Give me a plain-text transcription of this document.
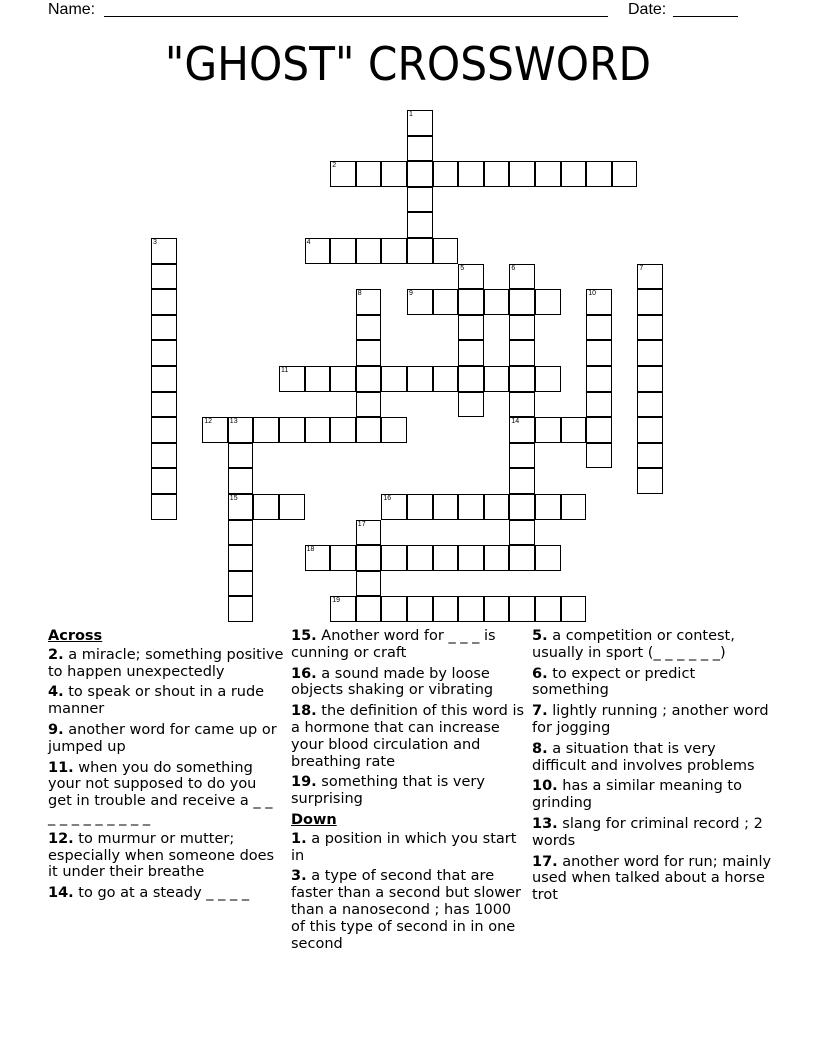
Name:	Date:
"GHOST" CROSSWORD
1
2
3	4
5	6
14
7
8	9	10
11
12	13
15	16
17
18
19
Across
2. a miracle; something positive to happen unexpectedly
4. to speak or shout in a rude manner
9. another word for came up or jumped up
11. when you do something your not supposed to do you get in trouble and receive a _ _ _ _ _ _ _ _ _ _ _
12. to murmur or mutter; especially when someone does it under their breathe
14. to go at a steady _ _ _ _
15. Another word for _ _ _ is cunning or craft
16. a sound made by loose objects shaking or vibrating
18. the definition of this word is a hormone that can increase your blood circulation and breathing rate
19. something that is very surprising
Down
1. a position in which you start in
3. a type of second that are faster than a second but slower than a nanosecond ; has 1000 of this type of second in in one second
5. a competition or contest, usually in sport (_ _ _ _ _ _)
6. to expect or predict something
7. lightly running ; another word for jogging
8. a situation that is very difficult and involves problems
10. has a similar meaning to grinding
13. slang for criminal record ; 2 words
17. another word for run; mainly used when talked about a horse trot
